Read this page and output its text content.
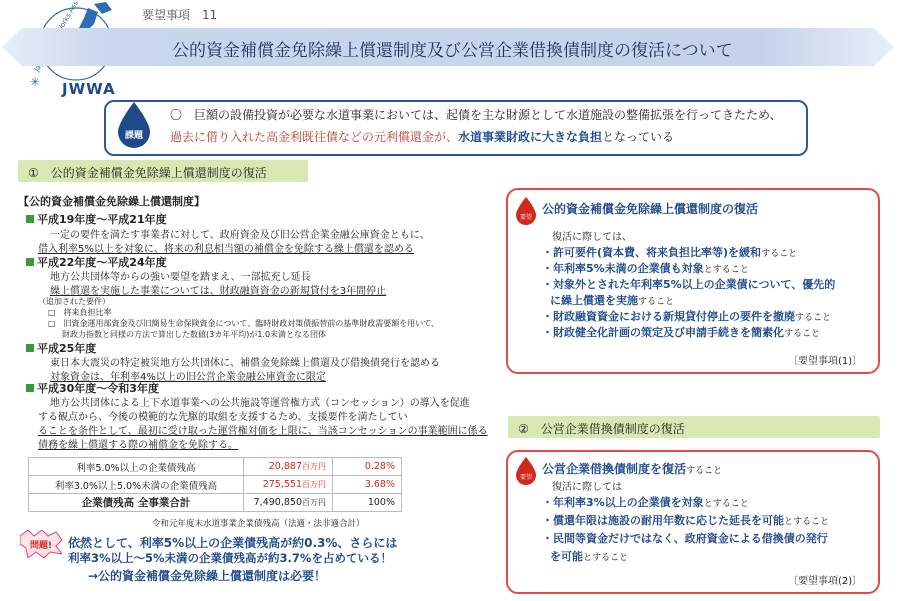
✳ JWWA
要望事項　11
公的資金補償金免除繰上償還制度及び公営企業借換債制度の復活について
課題
〇　巨額の設備投資が必要な水道事業においては、起債を主な財源として水道施設の整備拡張を行ってきたため、
過去に借り入れた高金利既往債などの元利償還金が、水道事業財政に大きな負担となっている
①　公的資金補償金免除繰上償還制度の復活
【公的資金補償金免除繰上償還制度】
平成19年度～平成21年度
一定の要件を満たす事業者に対して、政府資金及び旧公営企業金融公庫資金ともに、
借入利率5%以上を対象に、将来の利息相当額の補償金を免除する繰上償還を認める
平成22年度～平成24年度
地方公共団体等からの強い要望を踏まえ、一部拡充し延長
繰上償還を実施した事業については、財政融資資金の新規貸付を3年間停止
（追加された要件）
□　将来負担比率
□　旧資金運用部資金及び旧簡易生命保険資金について、臨時財政対策債振替前の基準財政需要額を用いて、
財政力指数と同様の方法で算出した数値(3カ年平均)が1.0未満となる団体
平成25年度
東日本大震災の特定被災地方公共団体に、補償金免除繰上償還及び借換債発行を認める
対象資金は、年利率4%以上の旧公営企業金融公庫資金に限定
平成30年度～令和3年度
地方公共団体による上下水道事業への公共施設等運営権方式（コンセッション）の導入を促進
する観点から、今後の模範的な先駆的取組を支援するため、支援要件を満たしてい
ることを条件として、最初に受け取った運営権対価を上限に、当該コンセッションの事業範囲に係る
債務を繰上償還する際の補償金を免除する。
利率5.0%以上の企業債残高	20,887百万円	0.28%
利率3.0%以上5.0%未満の企業債残高	275,551百万円	3.68%
企業債残高 全事業合計	7,490,850百万円	100%
令和元年度末水道事業企業債残高（法適・法非適合計）
問題! 依然として、利率5%以上の企業債残高が約0.3%、さらには
利率3%以上～5%未満の企業債残高が約3.7%を占めている！
→公的資金補償金免除繰上償還制度は必要！
要望
公的資金補償金免除繰上償還制度の復活
復活に際しては、
・許可要件(資本費、将来負担比率等)を緩和すること
・年利率5%未満の企業債も対象とすること
・対象外とされた年利率5%以上の企業債について、優先的
に繰上償還を実施すること
・財政融資資金における新規貸付停止の要件を撤廃すること
・財政健全化計画の策定及び申請手続きを簡素化すること
〔要望事項(1)〕
②　公営企業借換債制度の復活
要望
公営企業借換債制度を復活すること
復活に際しては
・年利率3%以上の企業債を対象とすること
・償還年限は施設の耐用年数に応じた延長を可能とすること
・民間等資金だけではなく、政府資金による借換債の発行
を可能とすること
〔要望事項(2)〕
